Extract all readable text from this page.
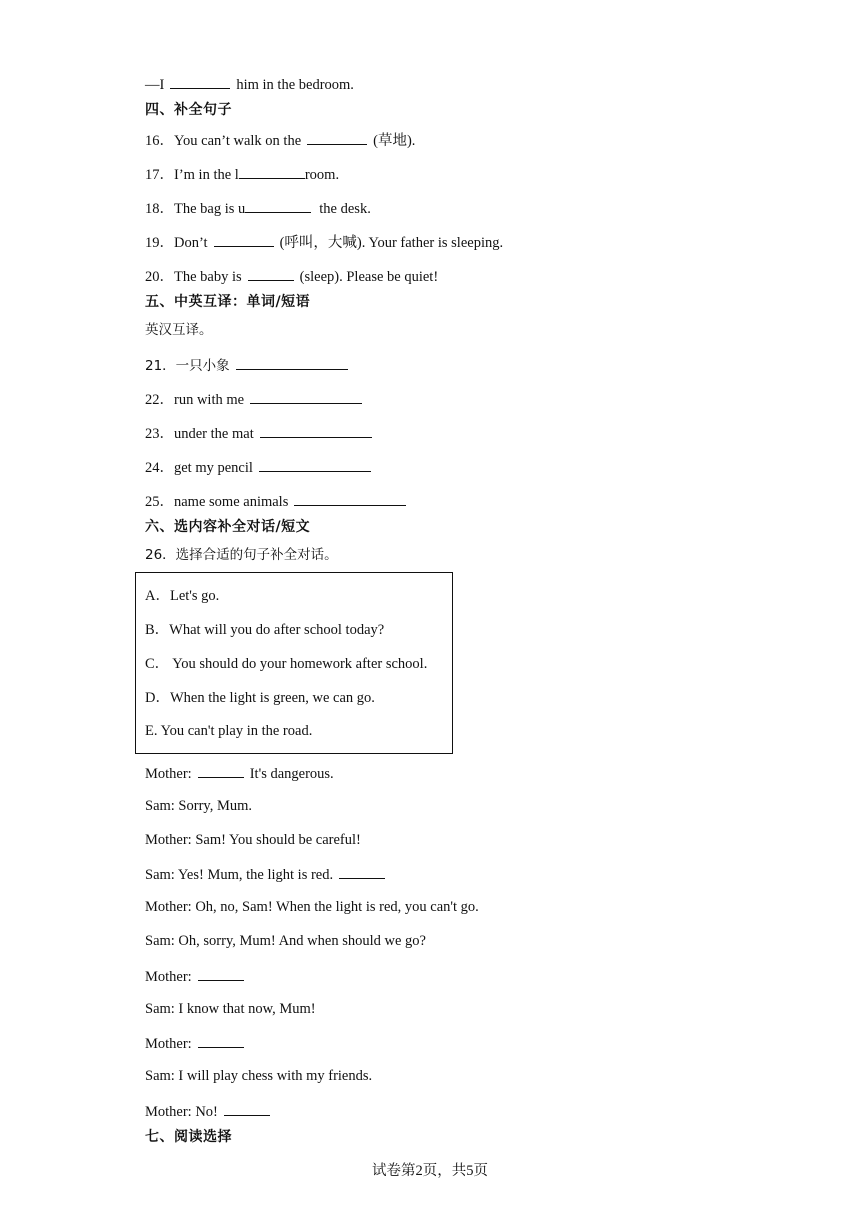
—I	him in the bedroom.
四、补全句子
16．You can’t walk on the	(草地).
17．I’m in the l	room.
18．The bag is u	the desk.
19．Don’t	(呼叫，大喊). Your father is sleeping.
20．The baby is	(sleep). Please be quiet!
五、中英互译：单词/短语
英汉互译。
21．一只小象
22．run with me
23．under the mat
24．get my pencil
25．name some animals
六、选内容补全对话/短文
26．选择合适的句子补全对话。
A．Let's go.
B．What will you do after school today?
C． You should do your homework after school.
D．When the light is green, we can go.
E. You can't play in the road.
Mother:	It's dangerous.
Sam: Sorry, Mum.
Mother: Sam! You should be careful!
Sam: Yes! Mum, the light is red.
Mother: Oh, no, Sam! When the light is red, you can't go.
Sam: Oh, sorry, Mum! And when should we go?
Mother:
Sam: I know that now, Mum!
Mother:
Sam: I will play chess with my friends.
Mother: No!
七、阅读选择
试卷第2页，共5页
